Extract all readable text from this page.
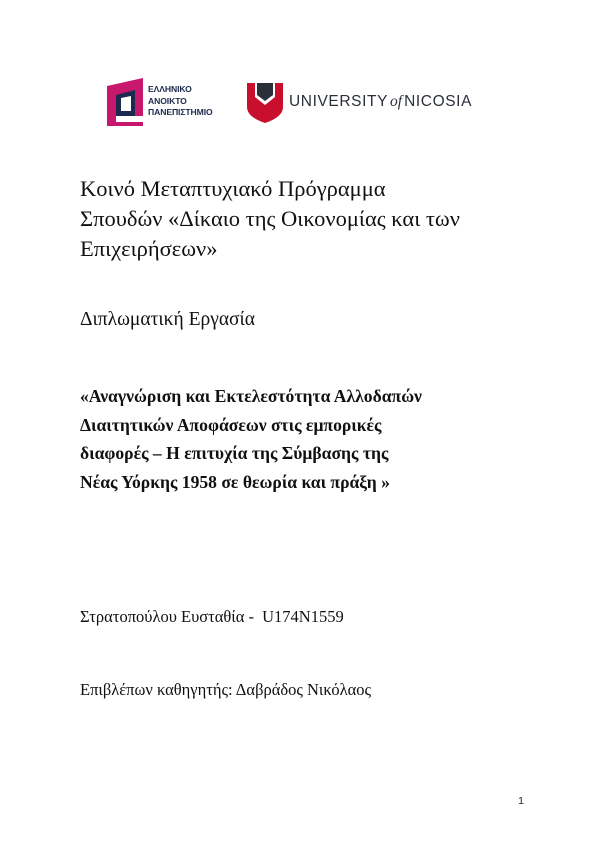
ΕΛΛΗΝΙΚΟ
ΑΝΟΙΚΤΟ
ΠΑΝΕΠΙΣΤΗΜΙΟ
UNIVERSITY of NICOSIA
Κοινό Μεταπτυχιακό Πρόγραμμα
Σπουδών «Δίκαιο της Οικονομίας και των
Επιχειρήσεων»
Διπλωματική Εργασία
«Αναγνώριση και Εκτελεστότητα Αλλοδαπών
Διαιτητικών Αποφάσεων στις εμπορικές
διαφορές – Η επιτυχία της Σύμβασης της
Νέας Υόρκης 1958 σε θεωρία και πράξη »
Στρατοπούλου Ευσταθία - U174N1559
Επιβλέπων καθηγητής: Δαβράδος Νικόλαος
1
